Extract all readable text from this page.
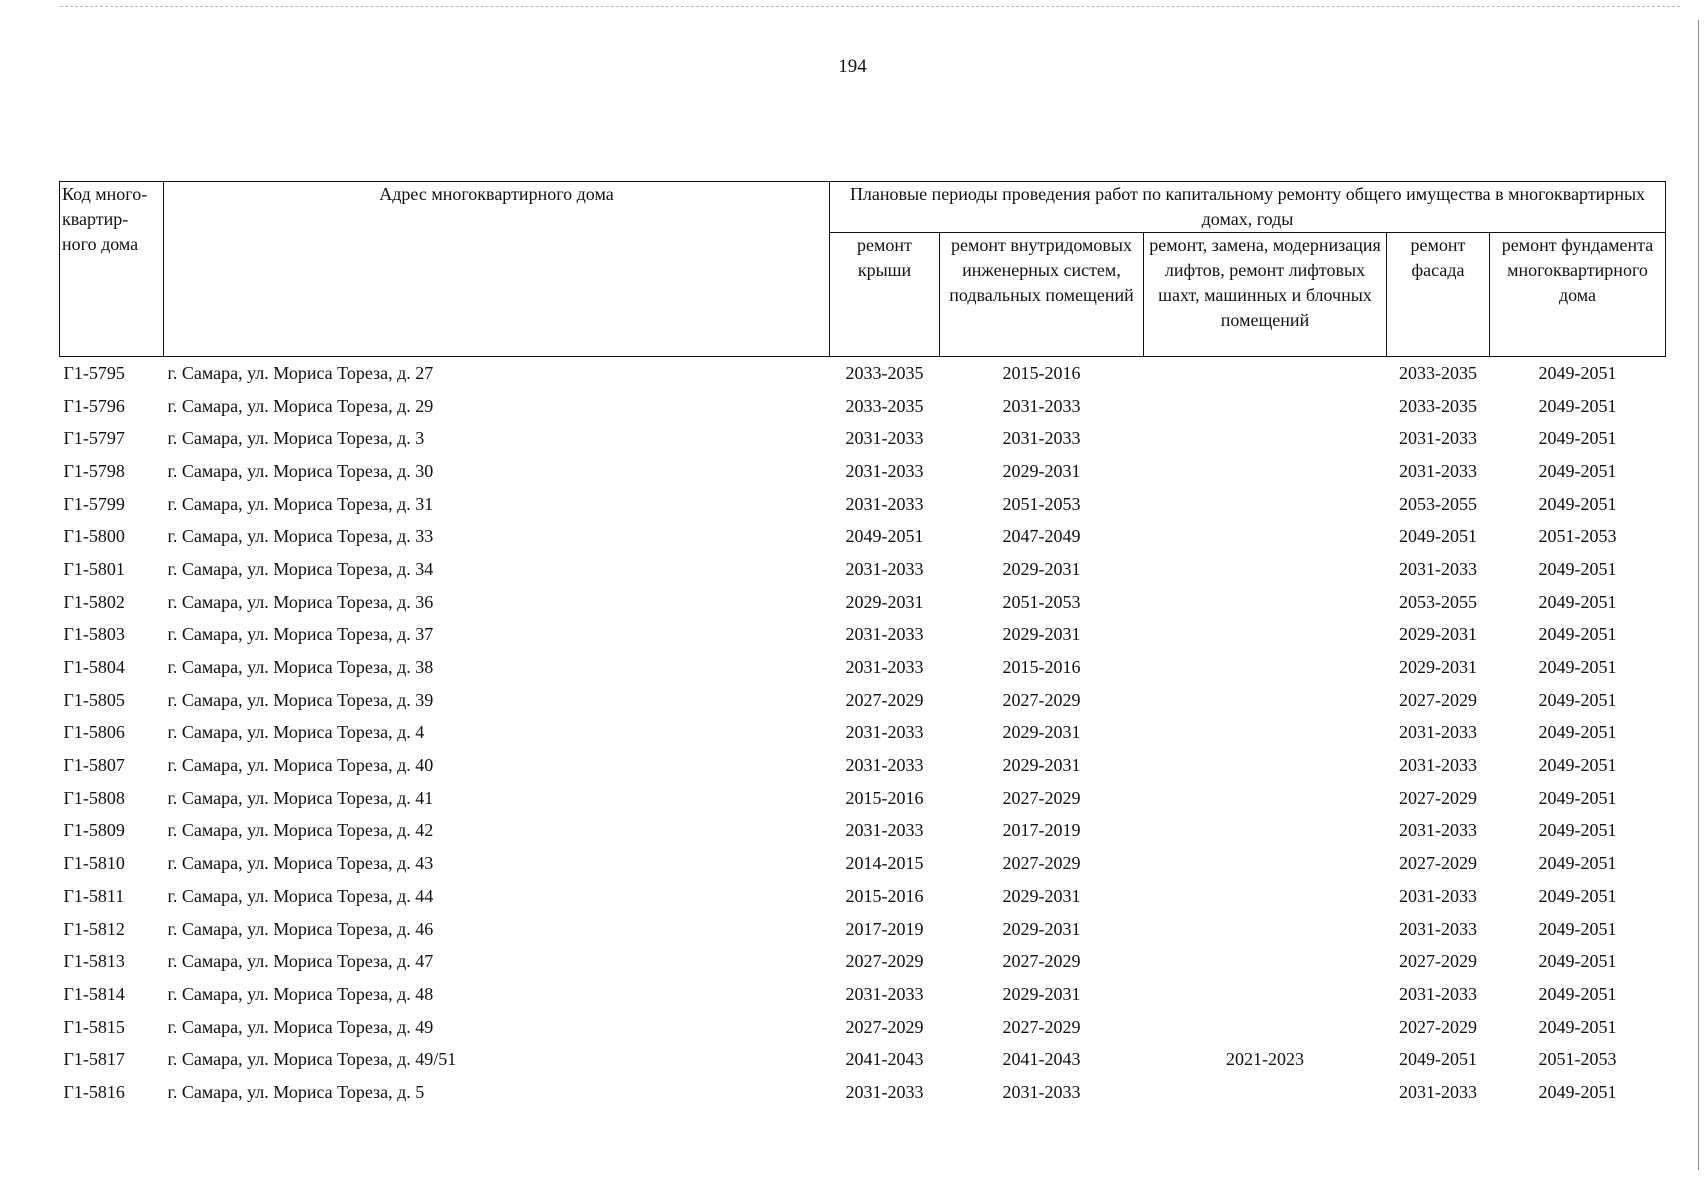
194
Код много-квартир-ного дома	Адрес многоквартирного дома	Плановые периоды проведения работ по капитальному ремонту общего имущества в многоквартирных домах, годы				
		ремонт крыши	ремонт внутридомовых инженерных систем, подвальных помещений	ремонт, замена, модернизация лифтов, ремонт лифтовых шахт, машинных и блочных помещений	ремонт фасада	ремонт фундамента многоквартирного дома
Г1-5795	г. Самара, ул. Мориса Тореза, д. 27	2033-2035	2015-2016		2033-2035	2049-2051
Г1-5796	г. Самара, ул. Мориса Тореза, д. 29	2033-2035	2031-2033		2033-2035	2049-2051
Г1-5797	г. Самара, ул. Мориса Тореза, д. 3	2031-2033	2031-2033		2031-2033	2049-2051
Г1-5798	г. Самара, ул. Мориса Тореза, д. 30	2031-2033	2029-2031		2031-2033	2049-2051
Г1-5799	г. Самара, ул. Мориса Тореза, д. 31	2031-2033	2051-2053		2053-2055	2049-2051
Г1-5800	г. Самара, ул. Мориса Тореза, д. 33	2049-2051	2047-2049		2049-2051	2051-2053
Г1-5801	г. Самара, ул. Мориса Тореза, д. 34	2031-2033	2029-2031		2031-2033	2049-2051
Г1-5802	г. Самара, ул. Мориса Тореза, д. 36	2029-2031	2051-2053		2053-2055	2049-2051
Г1-5803	г. Самара, ул. Мориса Тореза, д. 37	2031-2033	2029-2031		2029-2031	2049-2051
Г1-5804	г. Самара, ул. Мориса Тореза, д. 38	2031-2033	2015-2016		2029-2031	2049-2051
Г1-5805	г. Самара, ул. Мориса Тореза, д. 39	2027-2029	2027-2029		2027-2029	2049-2051
Г1-5806	г. Самара, ул. Мориса Тореза, д. 4	2031-2033	2029-2031		2031-2033	2049-2051
Г1-5807	г. Самара, ул. Мориса Тореза, д. 40	2031-2033	2029-2031		2031-2033	2049-2051
Г1-5808	г. Самара, ул. Мориса Тореза, д. 41	2015-2016	2027-2029		2027-2029	2049-2051
Г1-5809	г. Самара, ул. Мориса Тореза, д. 42	2031-2033	2017-2019		2031-2033	2049-2051
Г1-5810	г. Самара, ул. Мориса Тореза, д. 43	2014-2015	2027-2029		2027-2029	2049-2051
Г1-5811	г. Самара, ул. Мориса Тореза, д. 44	2015-2016	2029-2031		2031-2033	2049-2051
Г1-5812	г. Самара, ул. Мориса Тореза, д. 46	2017-2019	2029-2031		2031-2033	2049-2051
Г1-5813	г. Самара, ул. Мориса Тореза, д. 47	2027-2029	2027-2029		2027-2029	2049-2051
Г1-5814	г. Самара, ул. Мориса Тореза, д. 48	2031-2033	2029-2031		2031-2033	2049-2051
Г1-5815	г. Самара, ул. Мориса Тореза, д. 49	2027-2029	2027-2029		2027-2029	2049-2051
Г1-5817	г. Самара, ул. Мориса Тореза, д. 49/51	2041-2043	2041-2043	2021-2023	2049-2051	2051-2053
Г1-5816	г. Самара, ул. Мориса Тореза, д. 5	2031-2033	2031-2033		2031-2033	2049-2051
